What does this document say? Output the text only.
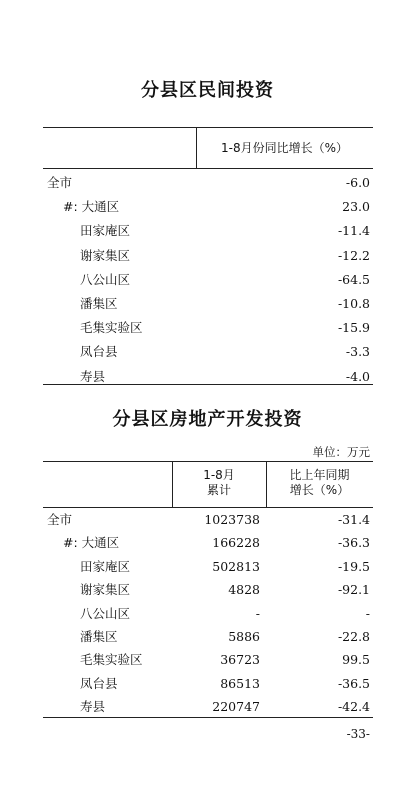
分县区民间投资
1-8月份同比增长（%）
全市	-6.0
#: 大通区	23.0
田家庵区	-11.4
谢家集区	-12.2
八公山区	-64.5
潘集区	-10.8
毛集实验区	-15.9
凤台县	-3.3
寿县	-4.0
分县区房地产开发投资
单位：万元
1-8月
累计
比上年同期
增长（%）
全市	1023738	-31.4
#: 大通区	166228	-36.3
田家庵区	502813	-19.5
谢家集区	4828	-92.1
八公山区	-	-
潘集区	5886	-22.8
毛集实验区	36723	99.5
凤台县	86513	-36.5
寿县	220747	-42.4
-33-
